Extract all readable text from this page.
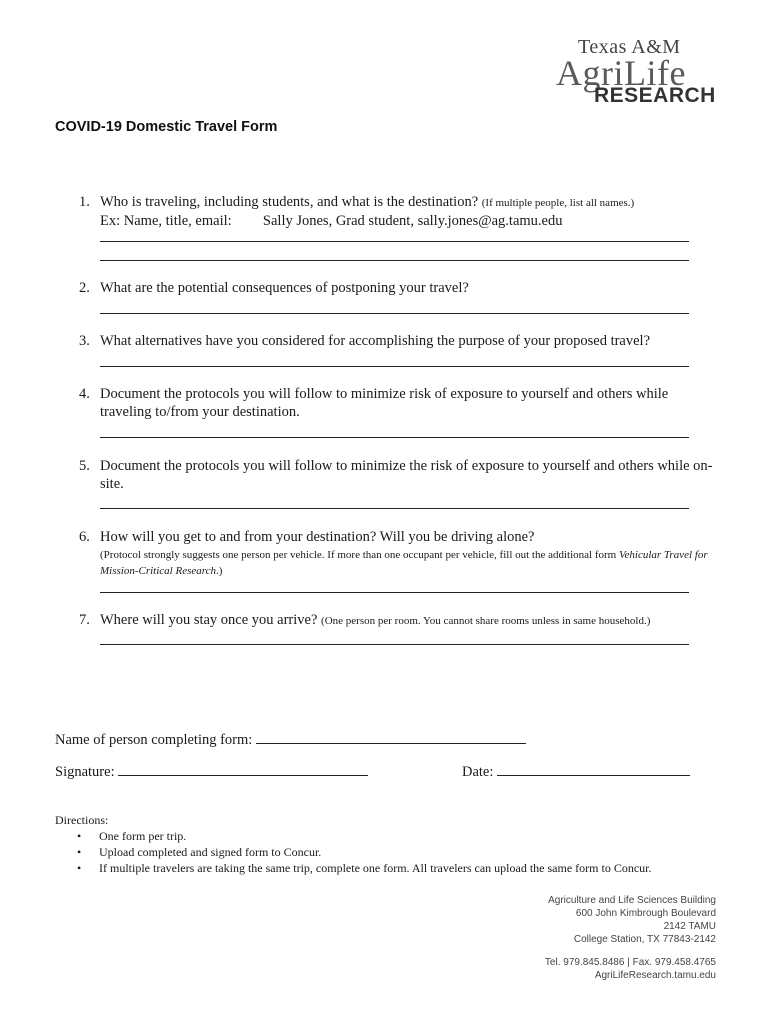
Texas A&M
AgriLife
RESEARCH
COVID-19 Domestic Travel Form
1. Who is traveling, including students, and what is the destination? (If multiple people, list all names.)
Ex: Name, title, email: Sally Jones, Grad student, sally.jones@ag.tamu.edu
2. What are the potential consequences of postponing your travel?
3. What alternatives have you considered for accomplishing the purpose of your proposed travel?
4. Document the protocols you will follow to minimize risk of exposure to yourself and others while traveling to/from your destination.
5. Document the protocols you will follow to minimize the risk of exposure to yourself and others while on-site.
6. How will you get to and from your destination? Will you be driving alone?
(Protocol strongly suggests one person per vehicle. If more than one occupant per vehicle, fill out the additional form Vehicular Travel for Mission-Critical Research.)
7. Where will you stay once you arrive? (One person per room. You cannot share rooms unless in same household.)
Name of person completing form:
Signature:	Date:
Directions:
• One form per trip.
• Upload completed and signed form to Concur.
• If multiple travelers are taking the same trip, complete one form. All travelers can upload the same form to Concur.
Agriculture and Life Sciences Building
600 John Kimbrough Boulevard
2142 TAMU
College Station, TX 77843-2142
Tel. 979.845.8486 | Fax. 979.458.4765
AgriLifeResearch.tamu.edu
